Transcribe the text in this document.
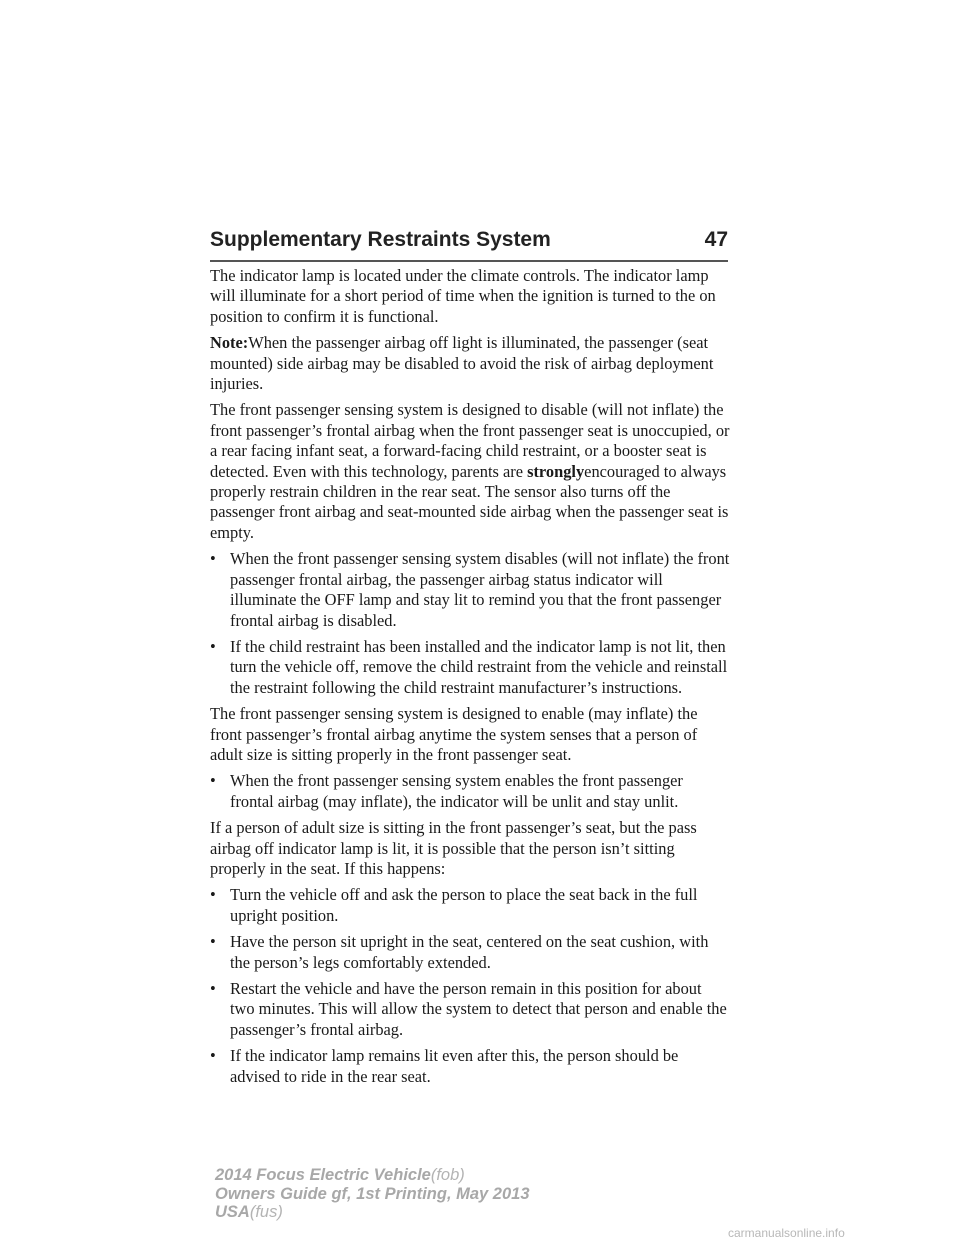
Supplementary Restraints System	47

The indicator lamp is located under the climate controls. The indicator lamp will illuminate for a short period of time when the ignition is turned to the on position to confirm it is functional.

Note:When the passenger airbag off light is illuminated, the passenger (seat mounted) side airbag may be disabled to avoid the risk of airbag deployment injuries.

The front passenger sensing system is designed to disable (will not inflate) the front passenger’s frontal airbag when the front passenger seat is unoccupied, or a rear facing infant seat, a forward-facing child restraint, or a booster seat is detected. Even with this technology, parents are stronglyencouraged to always properly restrain children in the rear seat. The sensor also turns off the passenger front airbag and seat-mounted side airbag when the passenger seat is empty.

• When the front passenger sensing system disables (will not inflate) the front passenger frontal airbag, the passenger airbag status indicator will illuminate the OFF lamp and stay lit to remind you that the front passenger frontal airbag is disabled.
• If the child restraint has been installed and the indicator lamp is not lit, then turn the vehicle off, remove the child restraint from the vehicle and reinstall the restraint following the child restraint manufacturer’s instructions.

The front passenger sensing system is designed to enable (may inflate) the front passenger’s frontal airbag anytime the system senses that a person of adult size is sitting properly in the front passenger seat.

• When the front passenger sensing system enables the front passenger frontal airbag (may inflate), the indicator will be unlit and stay unlit.

If a person of adult size is sitting in the front passenger’s seat, but the pass airbag off indicator lamp is lit, it is possible that the person isn’t sitting properly in the seat. If this happens:

• Turn the vehicle off and ask the person to place the seat back in the full upright position.
• Have the person sit upright in the seat, centered on the seat cushion, with the person’s legs comfortably extended.
• Restart the vehicle and have the person remain in this position for about two minutes. This will allow the system to detect that person and enable the passenger’s frontal airbag.
• If the indicator lamp remains lit even after this, the person should be advised to ride in the rear seat.
2014 Focus Electric Vehicle(fob)
Owners Guide gf, 1st Printing, May 2013
USA(fus)
carmanualsonline.info
